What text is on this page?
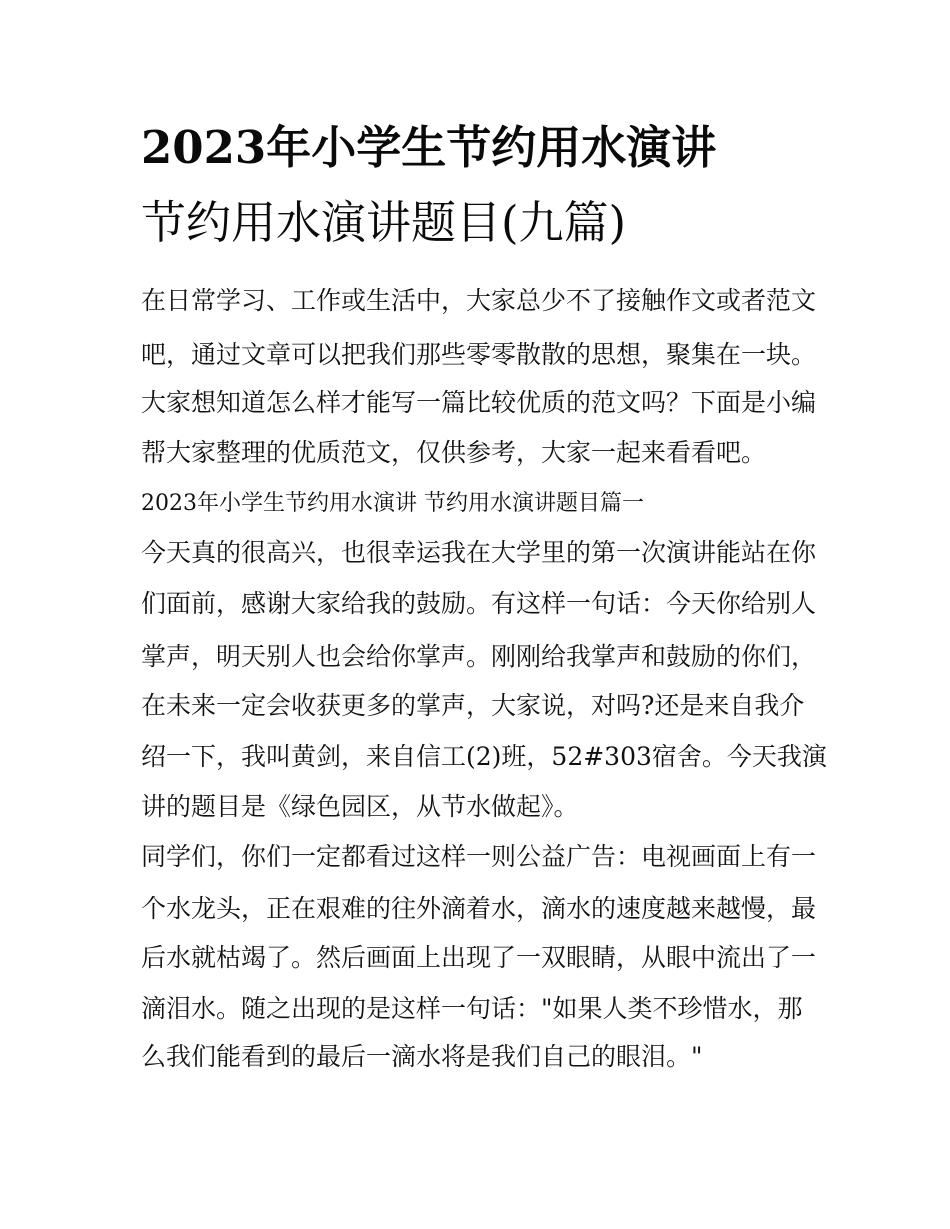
2023年小学生节约用水演讲
节约用水演讲题目(九篇)
在日常学习、工作或生活中，大家总少不了接触作文或者范文
吧，通过文章可以把我们那些零零散散的思想，聚集在一块。
大家想知道怎么样才能写一篇比较优质的范文吗？下面是小编
帮大家整理的优质范文，仅供参考，大家一起来看看吧。
2023年小学生节约用水演讲 节约用水演讲题目篇一
今天真的很高兴，也很幸运我在大学里的第一次演讲能站在你
们面前，感谢大家给我的鼓励。有这样一句话：今天你给别人
掌声，明天别人也会给你掌声。刚刚给我掌声和鼓励的你们，
在未来一定会收获更多的掌声，大家说，对吗?还是来自我介
绍一下，我叫黄剑，来自信工(2)班，52#303宿舍。今天我演
讲的题目是《绿色园区，从节水做起》。
同学们，你们一定都看过这样一则公益广告：电视画面上有一
个水龙头，正在艰难的往外滴着水，滴水的速度越来越慢，最
后水就枯竭了。然后画面上出现了一双眼睛，从眼中流出了一
滴泪水。随之出现的是这样一句话："如果人类不珍惜水，那
么我们能看到的最后一滴水将是我们自己的眼泪。"
